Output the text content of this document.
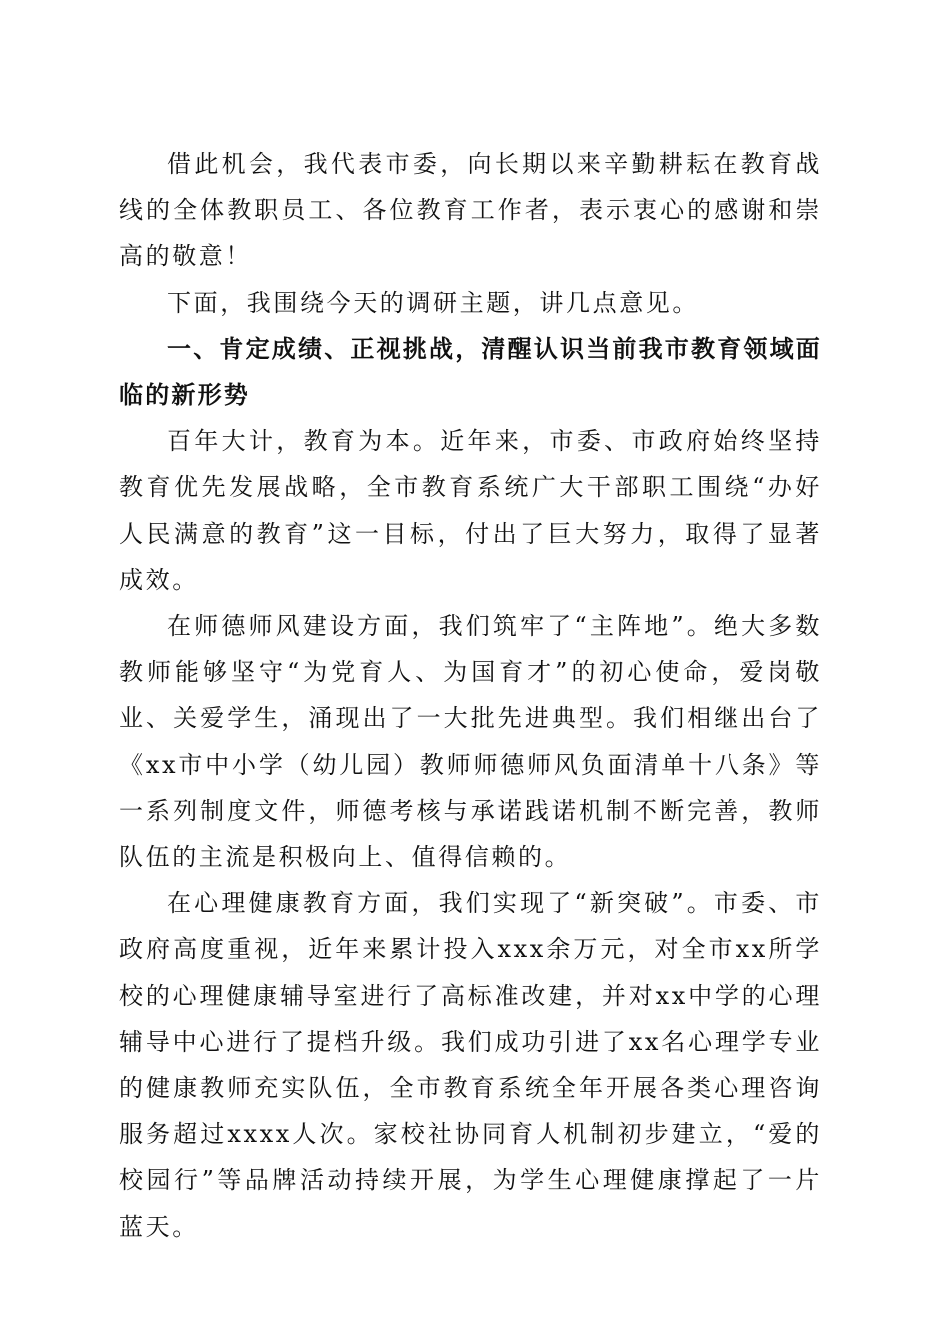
借此机会，我代表市委，向长期以来辛勤耕耘在教育战线的全体教职员工、各位教育工作者，表示衷心的感谢和崇高的敬意！

下面，我围绕今天的调研主题，讲几点意见。

一、肯定成绩、正视挑战，清醒认识当前我市教育领域面临的新形势

百年大计，教育为本。近年来，市委、市政府始终坚持教育优先发展战略，全市教育系统广大干部职工围绕“办好人民满意的教育”这一目标，付出了巨大努力，取得了显著成效。

在师德师风建设方面，我们筑牢了“主阵地”。绝大多数教师能够坚守“为党育人、为国育才”的初心使命，爱岗敬业、关爱学生，涌现出了一大批先进典型。我们相继出台了《xx市中小学（幼儿园）教师师德师风负面清单十八条》等一系列制度文件，师德考核与承诺践诺机制不断完善，教师队伍的主流是积极向上、值得信赖的。

在心理健康教育方面，我们实现了“新突破”。市委、市政府高度重视，近年来累计投入xxx余万元，对全市xx所学校的心理健康辅导室进行了高标准改建，并对xx中学的心理辅导中心进行了提档升级。我们成功引进了xx名心理学专业的健康教师充实队伍，全市教育系统全年开展各类心理咨询服务超过xxxx人次。家校社协同育人机制初步建立，“爱的校园行”等品牌活动持续开展，为学生心理健康撑起了一片蓝天。
